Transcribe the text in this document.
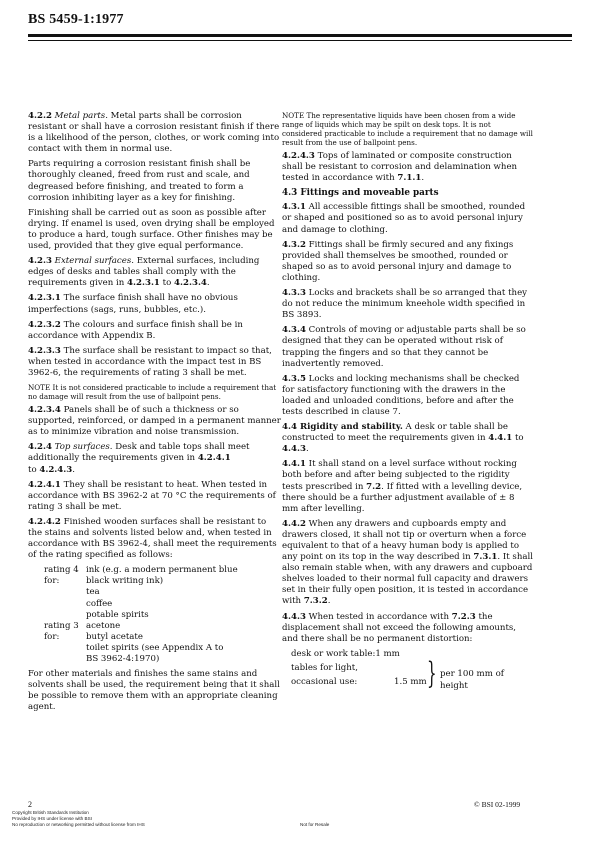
BS 5459-1:1977

4.2.2 Metal parts. Metal parts shall be corrosion resistant or shall have a corrosion resistant finish if there is a likelihood of the person, clothes, or work coming into contact with them in normal use.

Parts requiring a corrosion resistant finish shall be thoroughly cleaned, freed from rust and scale, and degreased before finishing, and treated to form a corrosion inhibiting layer as a key for finishing.

Finishing shall be carried out as soon as possible after drying. If enamel is used, oven drying shall be employed to produce a hard, tough surface. Other finishes may be used, provided that they give equal performance.

4.2.3 External surfaces. External surfaces, including edges of desks and tables shall comply with the requirements given in 4.2.3.1 to 4.2.3.4.

4.2.3.1 The surface finish shall have no obvious imperfections (sags, runs, bubbles, etc.).

4.2.3.2 The colours and surface finish shall be in accordance with Appendix B.

4.2.3.3 The surface shall be resistant to impact so that, when tested in accordance with the impact test in BS 3962-6, the requirements of rating 3 shall be met.

NOTE It is not considered practicable to include a requirement that no damage will result from the use of ballpoint pens.

4.2.3.4 Panels shall be of such a thickness or so supported, reinforced, or damped in a permanent manner as to minimize vibration and noise transmission.

4.2.4 Top surfaces. Desk and table tops shall meet additionally the requirements given in 4.2.4.1
to 4.2.4.3.

4.2.4.1 They shall be resistant to heat. When tested in accordance with BS 3962-2 at 70 °C the requirements of rating 3 shall be met.

4.2.4.2 Finished wooden surfaces shall be resistant to the stains and solvents listed below and, when tested in accordance with BS 3962-4, shall meet the requirements of the rating specified as follows:

rating 4 for:
ink (e.g. a modern permanent blue
black writing ink)
tea
coffee
potable spirits
rating 3 for:
acetone
butyl acetate
toilet spirits (see Appendix A to
BS 3962-4:1970)

For other materials and finishes the same stains and solvents shall be used, the requirement being that it shall be possible to remove them with an appropriate cleaning agent.

NOTE The representative liquids have been chosen from a wide range of liquids which may be spilt on desk tops. It is not considered practicable to include a requirement that no damage will result from the use of ballpoint pens.

4.2.4.3 Tops of laminated or composite construction shall be resistant to corrosion and delamination when tested in accordance with 7.1.1.

4.3 Fittings and moveable parts

4.3.1 All accessible fittings shall be smoothed, rounded or shaped and positioned so as to avoid personal injury and damage to clothing.

4.3.2 Fittings shall be firmly secured and any fixings provided shall themselves be smoothed, rounded or shaped so as to avoid personal injury and damage to clothing.

4.3.3 Locks and brackets shall be so arranged that they do not reduce the minimum kneehole width specified in BS 3893.

4.3.4 Controls of moving or adjustable parts shall be so designed that they can be operated without risk of trapping the fingers and so that they cannot be inadvertently removed.

4.3.5 Locks and locking mechanisms shall be checked for satisfactory functioning with the drawers in the loaded and unloaded conditions, before and after the tests described in clause 7.

4.4 Rigidity and stability. A desk or table shall be constructed to meet the requirements given in 4.4.1 to 4.4.3.

4.4.1 It shall stand on a level surface without rocking both before and after being subjected to the rigidity tests prescribed in 7.2. If fitted with a levelling device, there should be a further adjustment available of ± 8 mm after levelling.

4.4.2 When any drawers and cupboards empty and drawers closed, it shall not tip or overturn when a force equivalent to that of a heavy human body is applied to any point on its top in the way described in 7.3.1. It shall also remain stable when, with any drawers and cupboard shelves loaded to their normal full capacity and drawers set in their fully open position, it is tested in accordance with 7.3.2.

4.4.3 When tested in accordance with 7.2.3 the displacement shall not exceed the following amounts, and there shall be no permanent distortion:

desk or work table:1 mm
tables for light,
occasional use:	1.5 mm } per 100 mm of
height
2	© BSI 02-1999
Copyright British Standards Institution
Provided by IHS under license with BSI
No reproduction or networking permitted without license from IHS	Not for Resale
